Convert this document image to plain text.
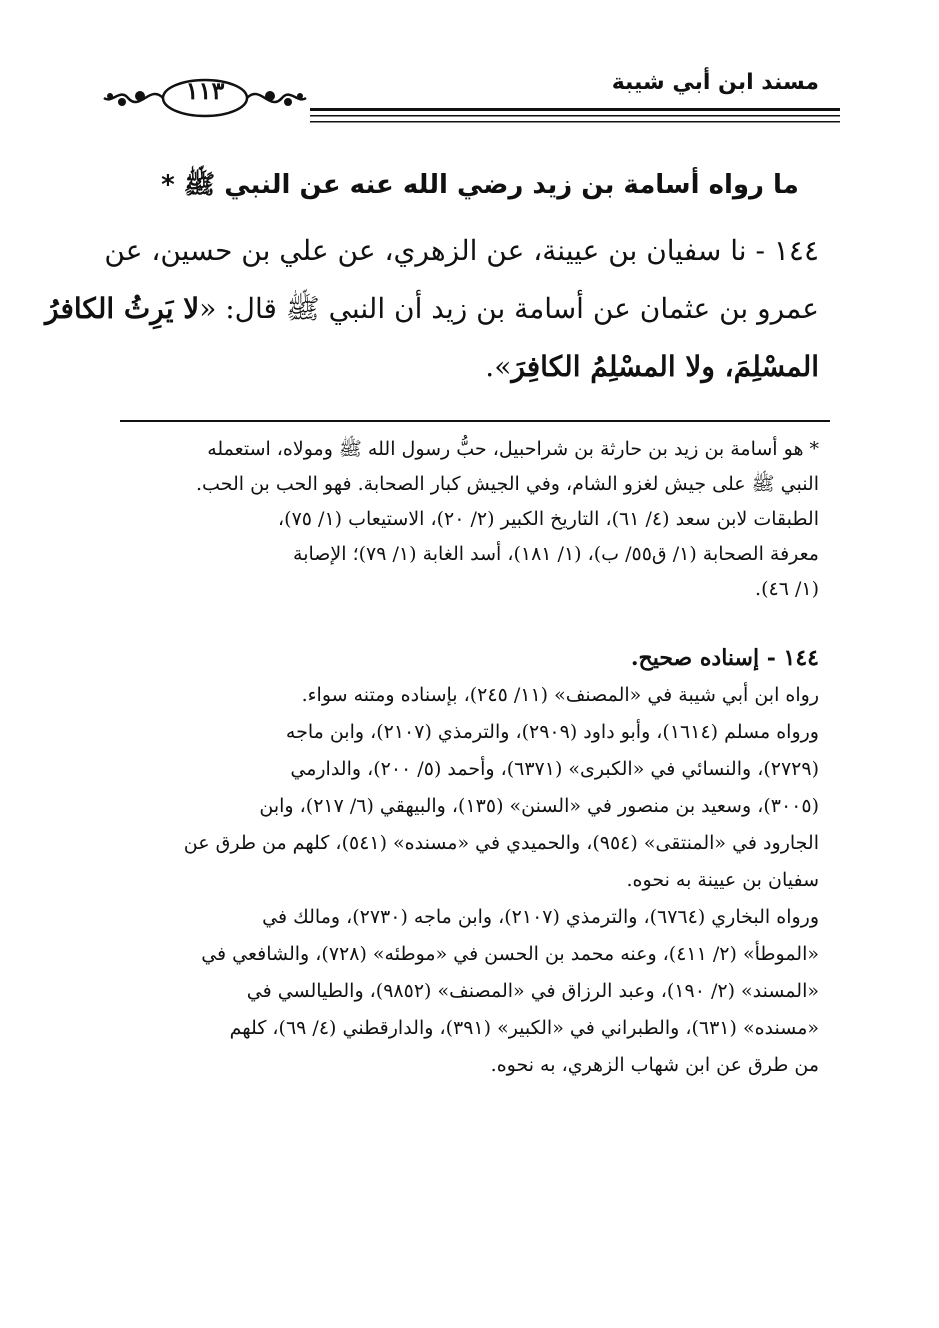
مسند ابن أبي شيبة
١١٣
ما رواه أسامة بن زيد رضي الله عنه عن النبي ﷺ *
١٤٤ - نا سفيان بن عيينة، عن الزهري، عن علي بن حسين، عن
عمرو بن عثمان عن أسامة بن زيد أن النبي ﷺ قال: «لا يَرِثُ الكافرُ
المسْلِمَ، ولا المسْلِمُ الكافِرَ».
* هو أسامة بن زيد بن حارثة بن شراحبيل، حبُّ رسول الله ﷺ ومولاه، استعمله
النبي ﷺ على جيش لغزو الشام، وفي الجيش كبار الصحابة. فهو الحب بن الحب.
الطبقات لابن سعد (٤/ ٦١)، التاريخ الكبير (٢/ ٢٠)، الاستيعاب (١/ ٧٥)،
معرفة الصحابة (١/ ق٥٥/ ب)، (١/ ١٨١)، أسد الغابة (١/ ٧٩)؛ الإصابة
(١/ ٤٦).
١٤٤ - إسناده صحيح.
رواه ابن أبي شيبة في «المصنف» (١١/ ٢٤٥)، بإسناده ومتنه سواء.
ورواه مسلم (١٦١٤)، وأبو داود (٢٩٠٩)، والترمذي (٢١٠٧)، وابن ماجه
(٢٧٢٩)، والنسائي في «الكبرى» (٦٣٧١)، وأحمد (٥/ ٢٠٠)، والدارمي
(٣٠٠٥)، وسعيد بن منصور في «السنن» (١٣٥)، والبيهقي (٦/ ٢١٧)، وابن
الجارود في «المنتقى» (٩٥٤)، والحميدي في «مسنده» (٥٤١)، كلهم من طرق عن
سفيان بن عيينة به نحوه.
ورواه البخاري (٦٧٦٤)، والترمذي (٢١٠٧)، وابن ماجه (٢٧٣٠)، ومالك في
«الموطأ» (٢/ ٤١١)، وعنه محمد بن الحسن في «موطئه» (٧٢٨)، والشافعي في
«المسند» (٢/ ١٩٠)، وعبد الرزاق في «المصنف» (٩٨٥٢)، والطيالسي في
«مسنده» (٦٣١)، والطبراني في «الكبير» (٣٩١)، والدارقطني (٤/ ٦٩)، كلهم
من طرق عن ابن شهاب الزهري، به نحوه.
